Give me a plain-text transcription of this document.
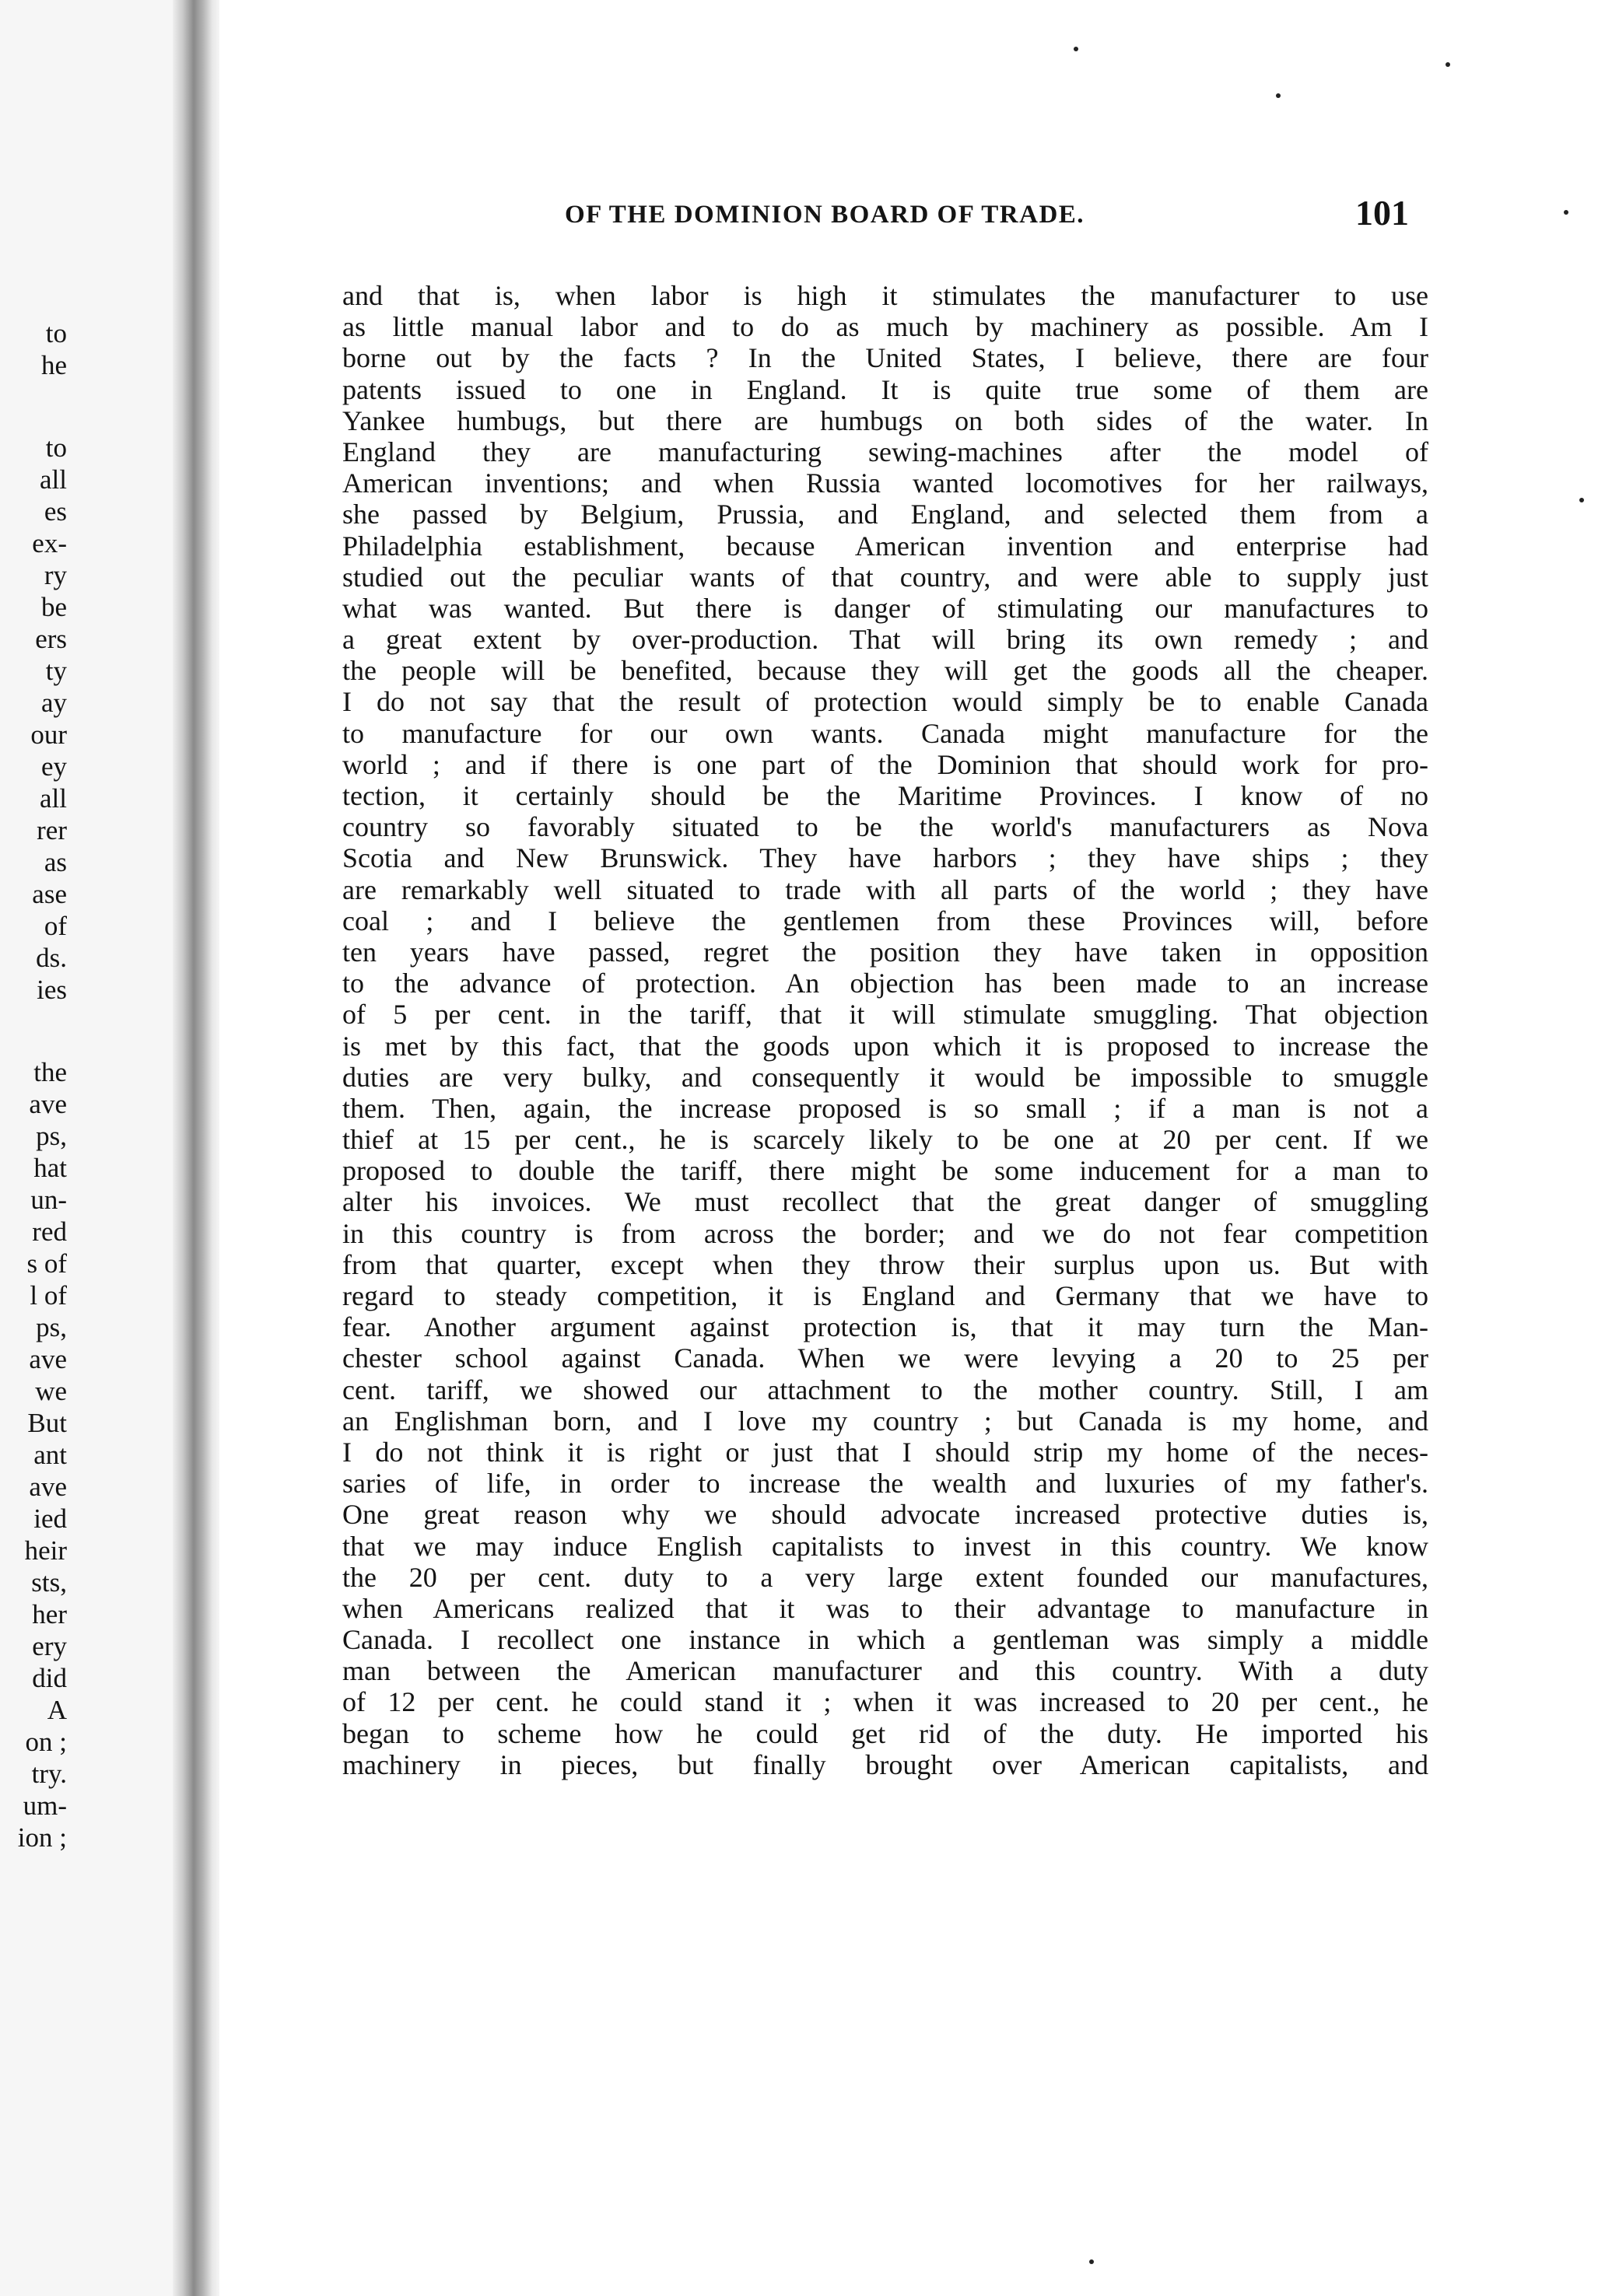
to
he
to
all
es
ex-
ry
be
ers
ty
ay
our
ey
all
rer
as
ase
of
ds.
ies
the
ave
ps,
hat
un-
red
s of
l of
ps,
ave
we
But
ant
ave
ied
heir
sts,
her
ery
did
A
on ;
try.
um-
ion ;
OF THE DOMINION BOARD OF TRADE.	101
and that is, when labor is high it stimulates the manufacturer to use
as little manual labor and to do as much by machinery as possible. Am I
borne out by the facts ? In the United States, I believe, there are four
patents issued to one in England. It is quite true some of them are
Yankee humbugs, but there are humbugs on both sides of the water. In
England they are manufacturing sewing-machines after the model of
American inventions; and when Russia wanted locomotives for her railways,
she passed by Belgium, Prussia, and England, and selected them from a
Philadelphia establishment, because American invention and enterprise had
studied out the peculiar wants of that country, and were able to supply just
what was wanted. But there is danger of stimulating our manufactures to
a great extent by over-production. That will bring its own remedy ; and
the people will be benefited, because they will get the goods all the cheaper.
I do not say that the result of protection would simply be to enable Canada
to manufacture for our own wants. Canada might manufacture for the
world ; and if there is one part of the Dominion that should work for pro-
tection, it certainly should be the Maritime Provinces. I know of no
country so favorably situated to be the world's manufacturers as Nova
Scotia and New Brunswick. They have harbors ; they have ships ; they
are remarkably well situated to trade with all parts of the world ; they have
coal ; and I believe the gentlemen from these Provinces will, before
ten years have passed, regret the position they have taken in opposition
to the advance of protection. An objection has been made to an increase
of 5 per cent. in the tariff, that it will stimulate smuggling. That objection
is met by this fact, that the goods upon which it is proposed to increase the
duties are very bulky, and consequently it would be impossible to smuggle
them. Then, again, the increase proposed is so small ; if a man is not a
thief at 15 per cent., he is scarcely likely to be one at 20 per cent. If we
proposed to double the tariff, there might be some inducement for a man to
alter his invoices. We must recollect that the great danger of smuggling
in this country is from across the border; and we do not fear competition
from that quarter, except when they throw their surplus upon us. But with
regard to steady competition, it is England and Germany that we have to
fear. Another argument against protection is, that it may turn the Man-
chester school against Canada. When we were levying a 20 to 25 per
cent. tariff, we showed our attachment to the mother country. Still, I am
an Englishman born, and I love my country ; but Canada is my home, and
I do not think it is right or just that I should strip my home of the neces-
saries of life, in order to increase the wealth and luxuries of my father's.
One great reason why we should advocate increased protective duties is,
that we may induce English capitalists to invest in this country. We know
the 20 per cent. duty to a very large extent founded our manufactures,
when Americans realized that it was to their advantage to manufacture in
Canada. I recollect one instance in which a gentleman was simply a middle
man between the American manufacturer and this country. With a duty
of 12 per cent. he could stand it ; when it was increased to 20 per cent., he
began to scheme how he could get rid of the duty. He imported his
machinery in pieces, but finally brought over American capitalists, and
